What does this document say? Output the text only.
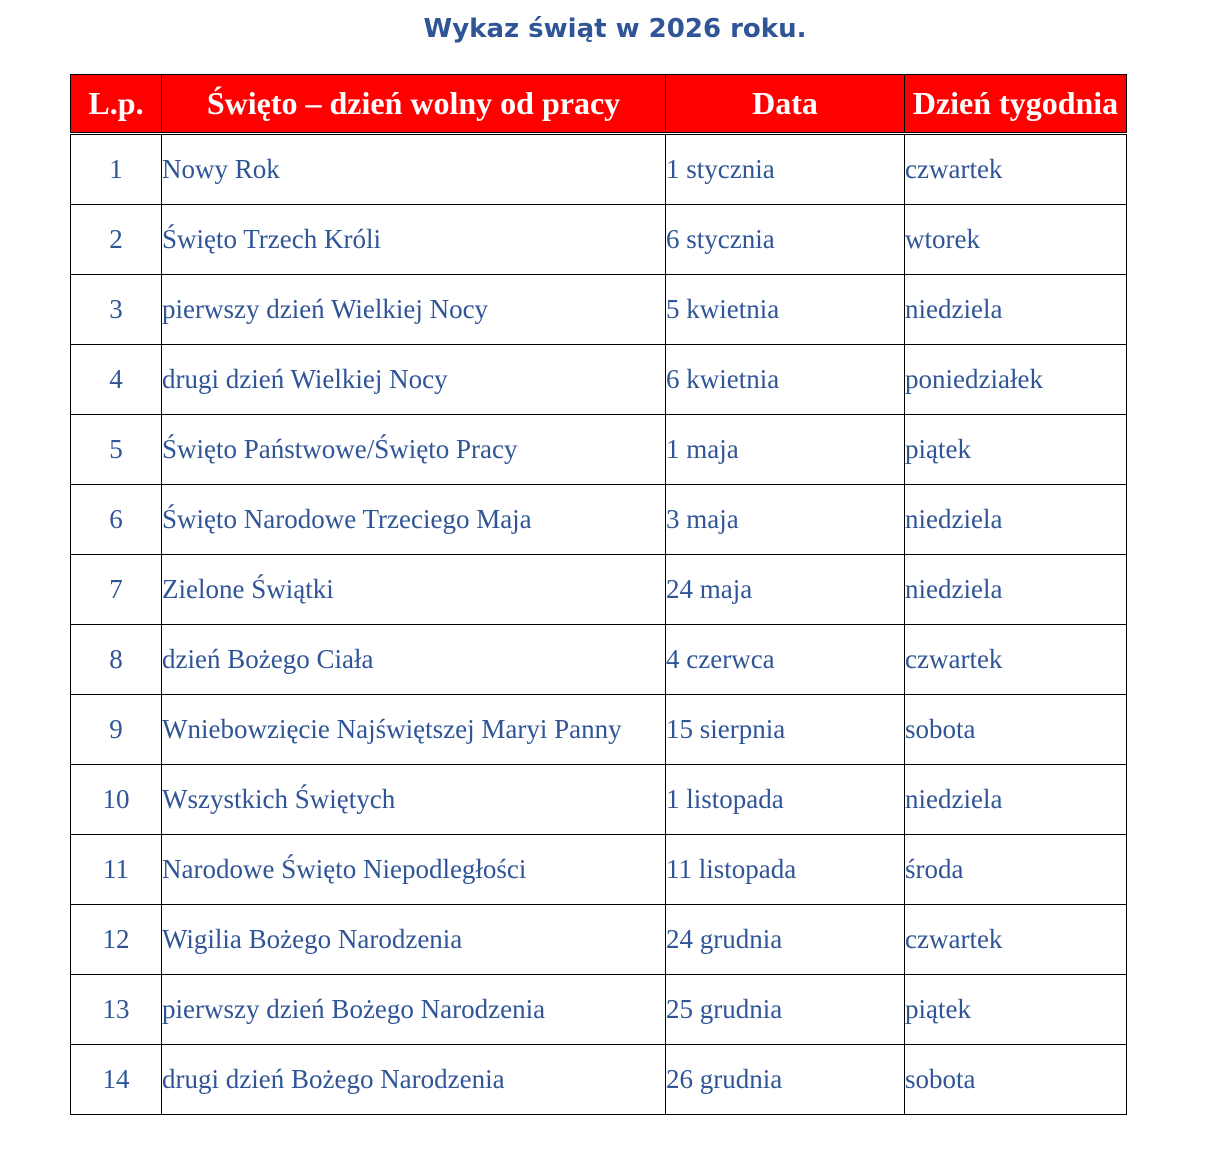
Wykaz świąt w 2026 roku.
L.p.	Święto – dzień wolny od pracy	Data	Dzień tygodnia
1	Nowy Rok	1 stycznia	czwartek
2	Święto Trzech Króli	6 stycznia	wtorek
3	pierwszy dzień Wielkiej Nocy	5 kwietnia	niedziela
4	drugi dzień Wielkiej Nocy	6 kwietnia	poniedziałek
5	Święto Państwowe/Święto Pracy	1 maja	piątek
6	Święto Narodowe Trzeciego Maja	3 maja	niedziela
7	Zielone Świątki	24 maja	niedziela
8	dzień Bożego Ciała	4 czerwca	czwartek
9	Wniebowzięcie Najświętszej Maryi Panny	15 sierpnia	sobota
10	Wszystkich Świętych	1 listopada	niedziela
11	Narodowe Święto Niepodległości	11 listopada	środa
12	Wigilia Bożego Narodzenia	24 grudnia	czwartek
13	pierwszy dzień Bożego Narodzenia	25 grudnia	piątek
14	drugi dzień Bożego Narodzenia	26 grudnia	sobota
